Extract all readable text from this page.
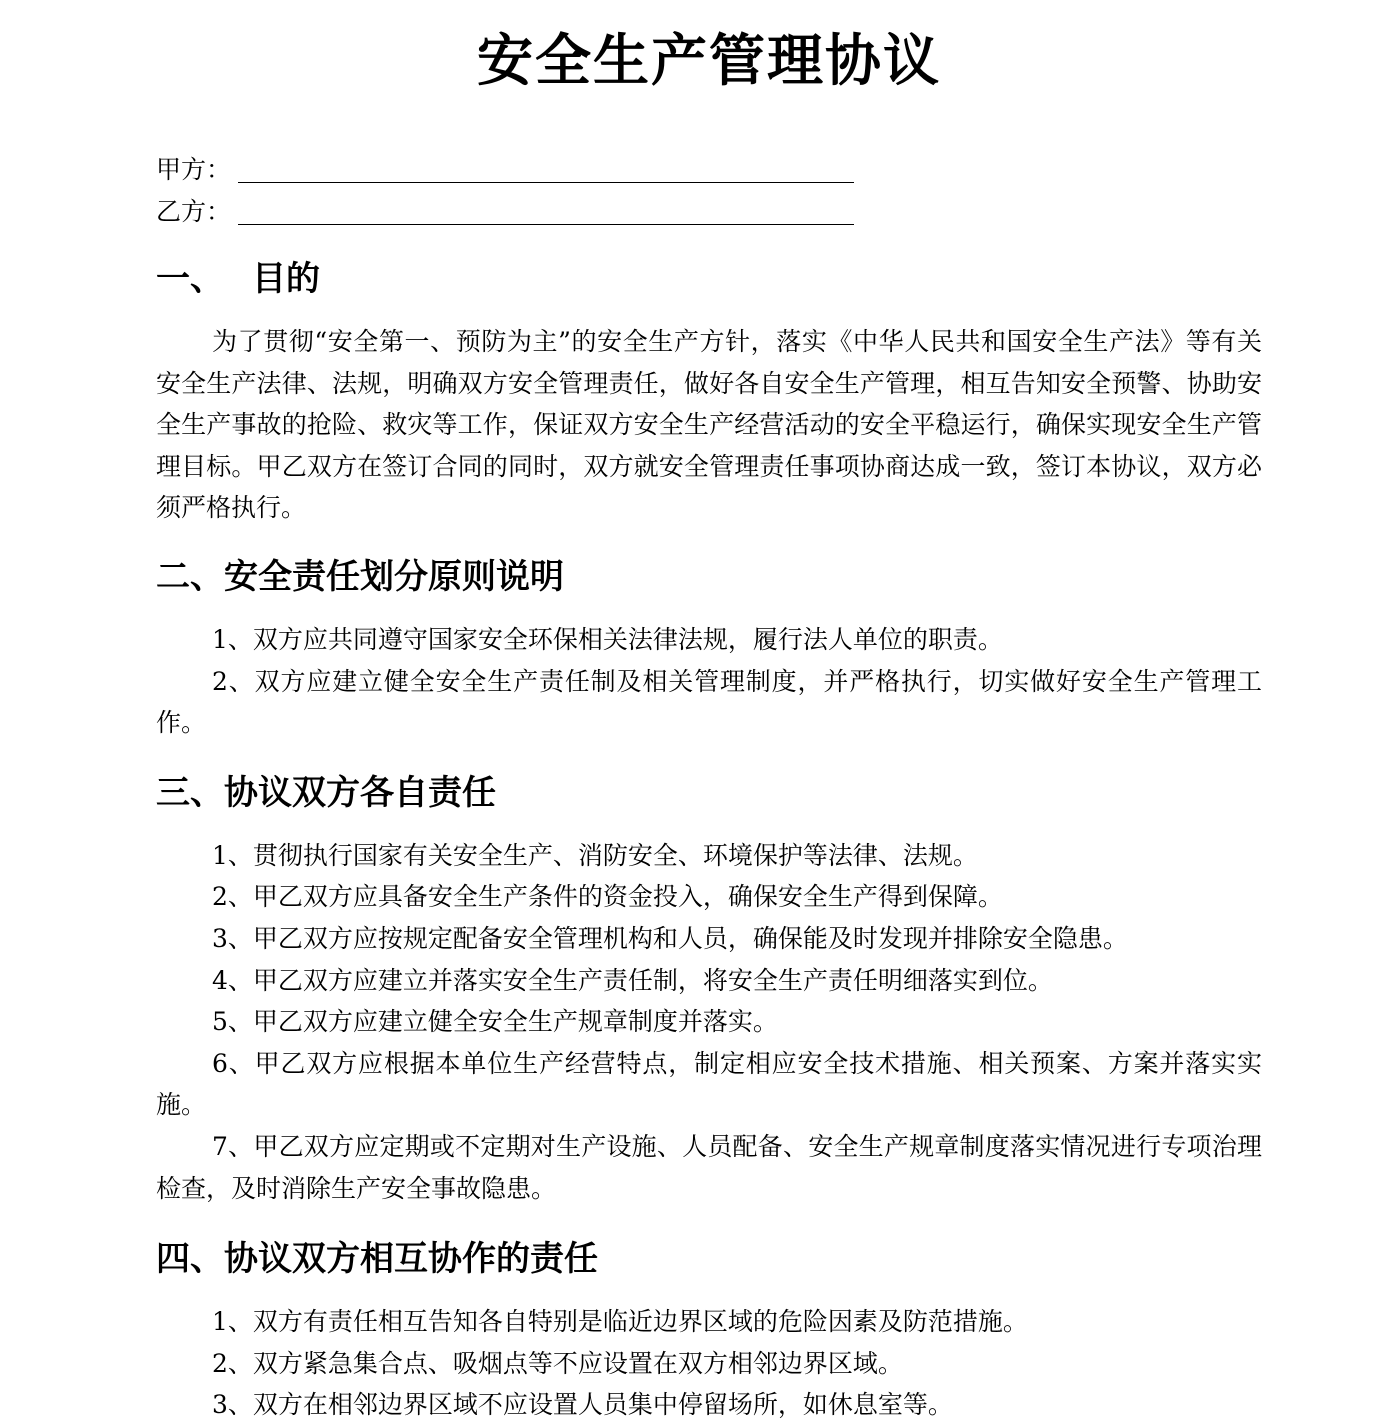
安全生产管理协议
甲方：
乙方：
一、 目的

为了贯彻“安全第一、预防为主”的安全生产方针，落实《中华人民共和国安全生产法》等有关安全生产法律、法规，明确双方安全管理责任，做好各自安全生产管理，相互告知安全预警、协助安全生产事故的抢险、救灾等工作，保证双方安全生产经营活动的安全平稳运行，确保实现安全生产管理目标。甲乙双方在签订合同的同时，双方就安全管理责任事项协商达成一致，签订本协议，双方必须严格执行。

二、安全责任划分原则说明

1、双方应共同遵守国家安全环保相关法律法规，履行法人单位的职责。

2、双方应建立健全安全生产责任制及相关管理制度，并严格执行，切实做好安全生产管理工作。

三、协议双方各自责任

1、贯彻执行国家有关安全生产、消防安全、环境保护等法律、法规。

2、甲乙双方应具备安全生产条件的资金投入，确保安全生产得到保障。

3、甲乙双方应按规定配备安全管理机构和人员，确保能及时发现并排除安全隐患。

4、甲乙双方应建立并落实安全生产责任制，将安全生产责任明细落实到位。

5、甲乙双方应建立健全安全生产规章制度并落实。

6、甲乙双方应根据本单位生产经营特点，制定相应安全技术措施、相关预案、方案并落实实施。

7、甲乙双方应定期或不定期对生产设施、人员配备、安全生产规章制度落实情况进行专项治理检查，及时消除生产安全事故隐患。

四、协议双方相互协作的责任

1、双方有责任相互告知各自特别是临近边界区域的危险因素及防范措施。

2、双方紧急集合点、吸烟点等不应设置在双方相邻边界区域。

3、双方在相邻边界区域不应设置人员集中停留场所，如休息室等。
